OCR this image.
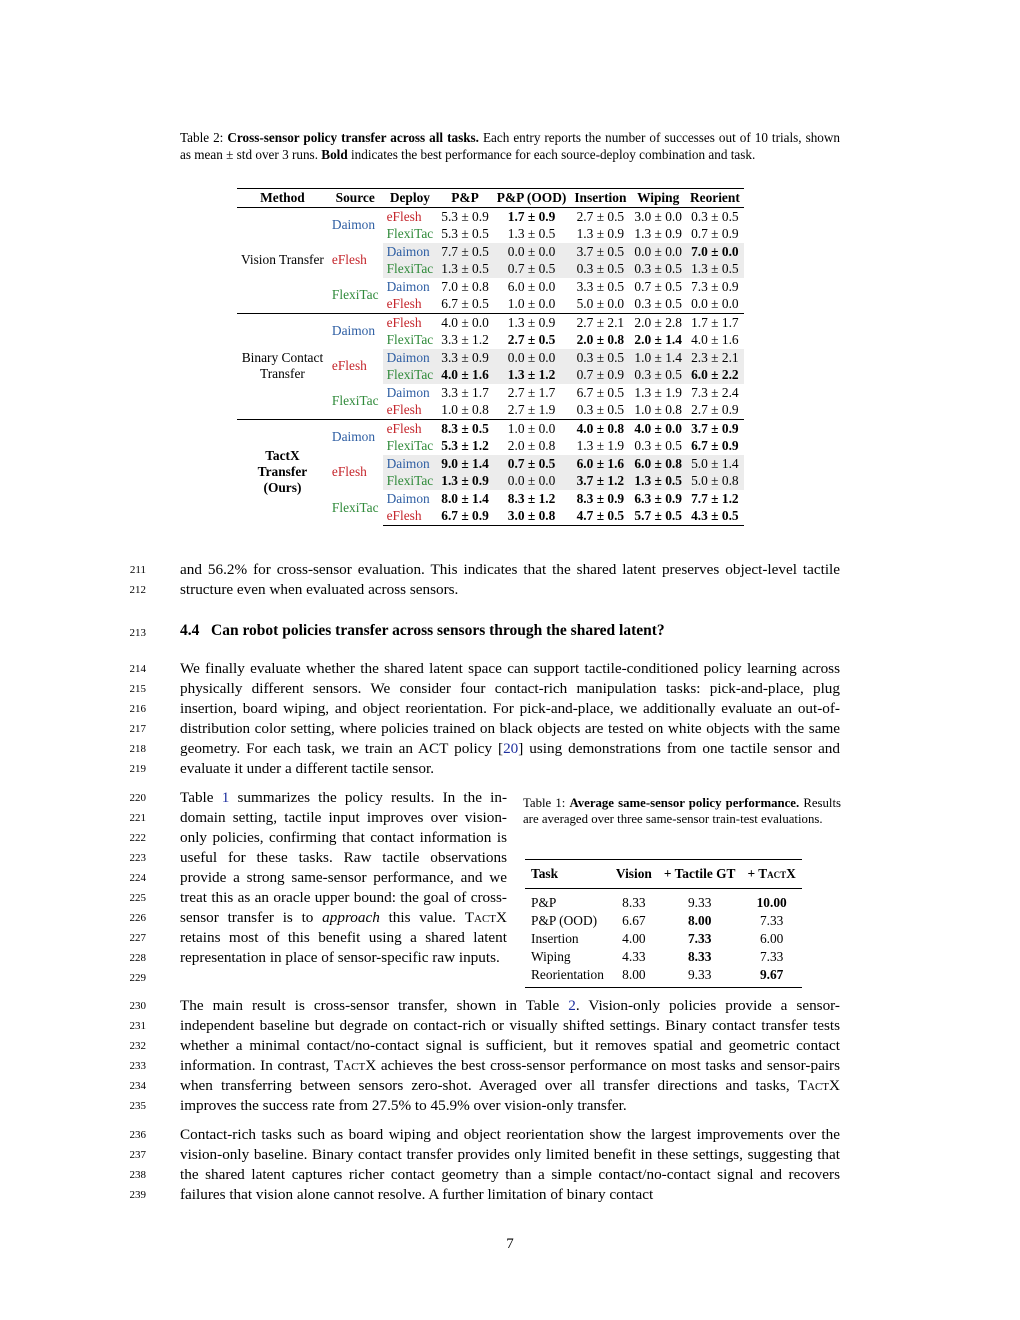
Table 2: Cross-sensor policy transfer across all tasks. Each entry reports the number of successes out of 10 trials, shown as mean ± std over 3 runs. Bold indicates the best performance for each source-deploy combination and task.
Method	Source	Deploy	P&P	P&P (OOD)	Insertion	Wiping	Reorient
Vision Transfer	Daimon	eFlesh	5.3 ± 0.9	1.7 ± 0.9	2.7 ± 0.5	3.0 ± 0.0	0.3 ± 0.5
		FlexiTac	5.3 ± 0.5	1.3 ± 0.5	1.3 ± 0.9	1.3 ± 0.9	0.7 ± 0.9
	eFlesh	Daimon	7.7 ± 0.5	0.0 ± 0.0	3.7 ± 0.5	0.0 ± 0.0	7.0 ± 0.0
		FlexiTac	1.3 ± 0.5	0.7 ± 0.5	0.3 ± 0.5	0.3 ± 0.5	1.3 ± 0.5
	FlexiTac	Daimon	7.0 ± 0.8	6.0 ± 0.0	3.3 ± 0.5	0.7 ± 0.5	7.3 ± 0.9
		eFlesh	6.7 ± 0.5	1.0 ± 0.0	5.0 ± 0.0	0.3 ± 0.5	0.0 ± 0.0
Binary Contact Transfer	Daimon	eFlesh	4.0 ± 0.0	1.3 ± 0.9	2.7 ± 2.1	2.0 ± 2.8	1.7 ± 1.7
		FlexiTac	3.3 ± 1.2	2.7 ± 0.5	2.0 ± 0.8	2.0 ± 1.4	4.0 ± 1.6
	eFlesh	Daimon	3.3 ± 0.9	0.0 ± 0.0	0.3 ± 0.5	1.0 ± 1.4	2.3 ± 2.1
		FlexiTac	4.0 ± 1.6	1.3 ± 1.2	0.7 ± 0.9	0.3 ± 0.5	6.0 ± 2.2
	FlexiTac	Daimon	3.3 ± 1.7	2.7 ± 1.7	6.7 ± 0.5	1.3 ± 1.9	7.3 ± 2.4
		eFlesh	1.0 ± 0.8	2.7 ± 1.9	0.3 ± 0.5	1.0 ± 0.8	2.7 ± 0.9
TactX Transfer (Ours)	Daimon	eFlesh	8.3 ± 0.5	1.0 ± 0.0	4.0 ± 0.8	4.0 ± 0.0	3.7 ± 0.9
		FlexiTac	5.3 ± 1.2	2.0 ± 0.8	1.3 ± 1.9	0.3 ± 0.5	6.7 ± 0.9
	eFlesh	Daimon	9.0 ± 1.4	0.7 ± 0.5	6.0 ± 1.6	6.0 ± 0.8	5.0 ± 1.4
		FlexiTac	1.3 ± 0.9	0.0 ± 0.0	3.7 ± 1.2	1.3 ± 0.5	5.0 ± 0.8
	FlexiTac	Daimon	8.0 ± 1.4	8.3 ± 1.2	8.3 ± 0.9	6.3 ± 0.9	7.7 ± 1.2
		eFlesh	6.7 ± 0.9	3.0 ± 0.8	4.7 ± 0.5	5.7 ± 0.5	4.3 ± 0.5
211
212
and 56.2% for cross-sensor evaluation. This indicates that the shared latent preserves object-level tactile structure even when evaluated across sensors.
213 4.4 Can robot policies transfer across sensors through the shared latent?
214
215
216
217
218
219
We finally evaluate whether the shared latent space can support tactile-conditioned policy learning across physically different sensors. We consider four contact-rich manipulation tasks: pick-and-place, plug insertion, board wiping, and object reorientation. For pick-and-place, we additionally evaluate an out-of-distribution color setting, where policies trained on black objects are tested on white objects with the same geometry. For each task, we train an ACT policy [20] using demonstrations from one tactile sensor and evaluate it under a different tactile sensor.
220
221
222
223
224
225
226
227
228
229
Table 1 summarizes the policy results. In the in-domain setting, tactile input improves over vision-only policies, confirming that contact information is useful for these tasks. Raw tactile observations provide a strong same-sensor performance, and we treat this as an oracle upper bound: the goal of cross-sensor transfer is to approach this value. TactX retains most of this benefit using a shared latent representation in place of sensor-specific raw inputs.
Table 1: Average same-sensor policy performance. Results are averaged over three same-sensor train-test evaluations.
Task	Vision	+ Tactile GT	+ TactX
P&P	8.33	9.33	10.00
P&P (OOD)	6.67	8.00	7.33
Insertion	4.00	7.33	6.00
Wiping	4.33	8.33	7.33
Reorientation	8.00	9.33	9.67
230
231
232
233
234
235
The main result is cross-sensor transfer, shown in Table 2. Vision-only policies provide a sensor-independent baseline but degrade on contact-rich or visually shifted settings. Binary contact transfer tests whether a minimal contact/no-contact signal is sufficient, but it removes spatial and geometric contact information. In contrast, TactX achieves the best cross-sensor performance on most tasks and sensor-pairs when transferring between sensors zero-shot. Averaged over all transfer directions and tasks, TactX improves the success rate from 27.5% to 45.9% over vision-only transfer.
236
237
238
239
Contact-rich tasks such as board wiping and object reorientation show the largest improvements over the vision-only baseline. Binary contact transfer provides only limited benefit in these settings, suggesting that the shared latent captures richer contact geometry than a simple contact/no-contact signal and recovers failures that vision alone cannot resolve. A further limitation of binary contact
7
